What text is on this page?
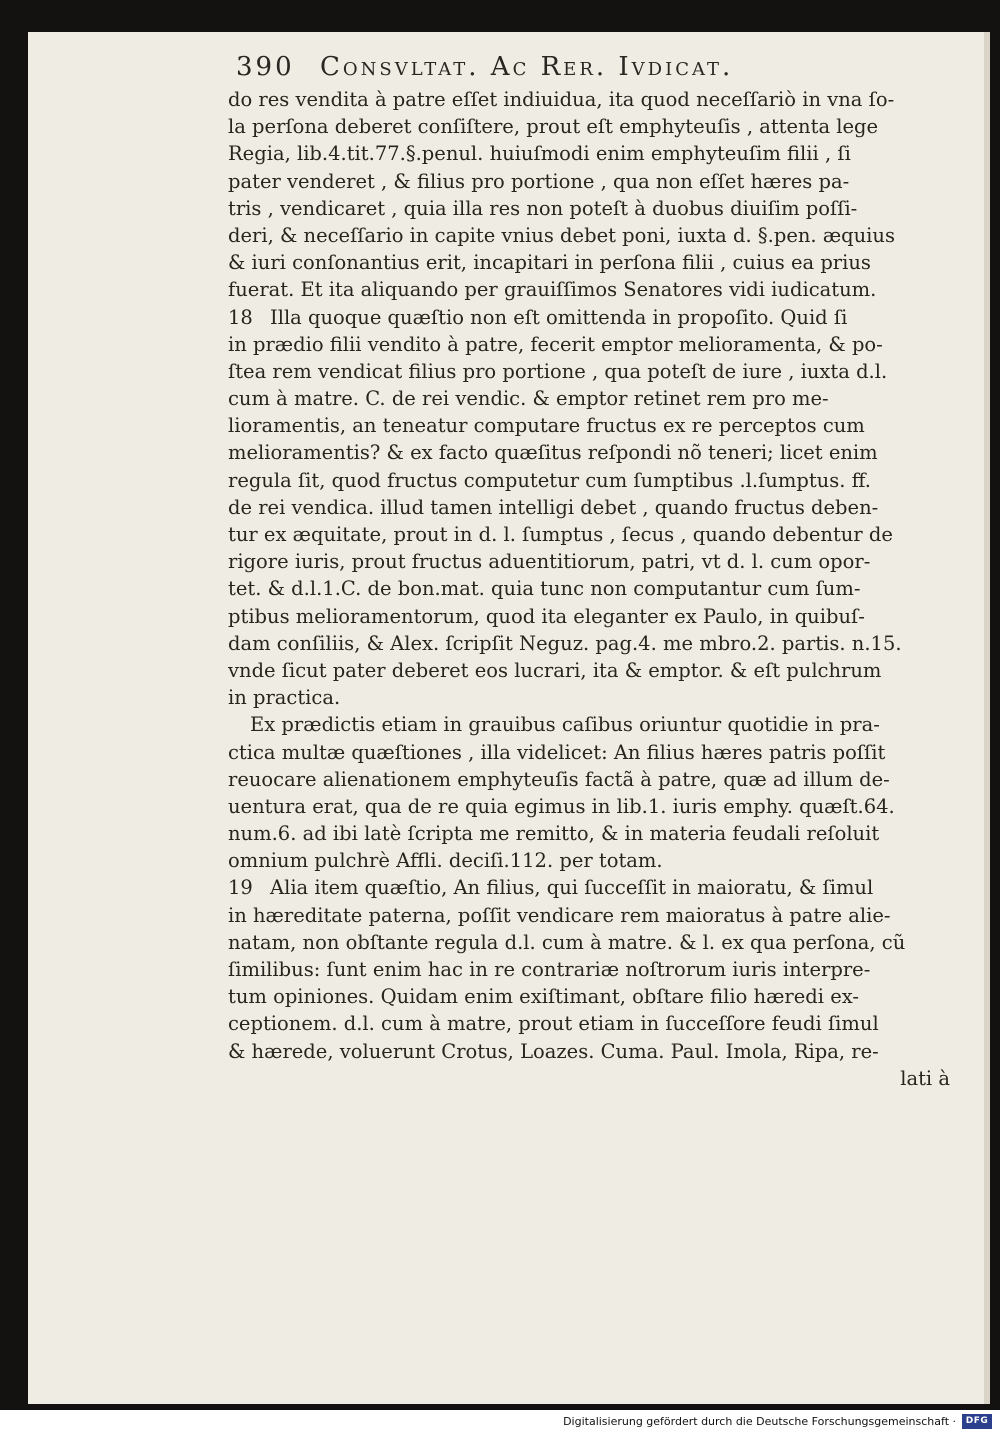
390 Consvltat. Ac Rer. Ivdicat.
do res vendita à patre eſſet indiuidua, ita quod neceſſariò in vna ſo-
la perſona deberet conſiſtere, prout eſt emphyteuſis , attenta lege
Regia, lib.4.tit.77.§.penul. huiuſmodi enim emphyteuſim filii , ſi
pater venderet , & filius pro portione , qua non eſſet hæres pa-
tris , vendicaret , quia illa res non poteſt à duobus diuiſim poſſi-
deri, & neceſſario in capite vnius debet poni, iuxta d. §.pen. æquius
& iuri conſonantius erit, incapitari in perſona filii , cuius ea prius
fuerat. Et ita aliquando per grauiſſimos Senatores vidi iudicatum.
18 Illa quoque quæſtio non eſt omittenda in propoſito. Quid ſi
in prædio filii vendito à patre, fecerit emptor melioramenta, & po-
ſtea rem vendicat filius pro portione , qua poteſt de iure , iuxta d.l.
cum à matre. C. de rei vendic. & emptor retinet rem pro me-
lioramentis, an teneatur computare fructus ex re perceptos cum
melioramentis? & ex facto quæſitus reſpondi nõ teneri; licet enim
regula ſit, quod fructus computetur cum ſumptibus .l.ſumptus. ff.
de rei vendica. illud tamen intelligi debet , quando fructus deben-
tur ex æquitate, prout in d. l. ſumptus , ſecus , quando debentur de
rigore iuris, prout fructus aduentitiorum, patri, vt d. l. cum opor-
tet. & d.l.1.C. de bon.mat. quia tunc non computantur cum ſum-
ptibus melioramentorum, quod ita eleganter ex Paulo, in quibuſ-
dam conſiliis, & Alex. ſcripſit Neguz. pag.4. me mbro.2. partis. n.15.
vnde ſicut pater deberet eos lucrari, ita & emptor. & eſt pulchrum
in practica.
Ex prædictis etiam in grauibus caſibus oriuntur quotidie in pra-
ctica multæ quæſtiones , illa videlicet: An filius hæres patris poſſit
reuocare alienationem emphyteuſis factã à patre, quæ ad illum de-
uentura erat, qua de re quia egimus in lib.1. iuris emphy. quæſt.64.
num.6. ad ibi latè ſcripta me remitto, & in materia feudali reſoluit
omnium pulchrè Affli. deciſi.112. per totam.
19 Alia item quæſtio, An filius, qui ſucceſſit in maioratu, & ſimul
in hæreditate paterna, poſſit vendicare rem maioratus à patre alie-
natam, non obſtante regula d.l. cum à matre. & l. ex qua perſona, cũ
ſimilibus: ſunt enim hac in re contrariæ noſtrorum iuris interpre-
tum opiniones. Quidam enim exiſtimant, obſtare filio hæredi ex-
ceptionem. d.l. cum à matre, prout etiam in ſucceſſore feudi ſimul
& hærede, voluerunt Crotus, Loazes. Cuma. Paul. Imola, Ripa, re-
lati à
Digitalisierung gefördert durch die Deutsche Forschungsgemeinschaft ·	DFG
